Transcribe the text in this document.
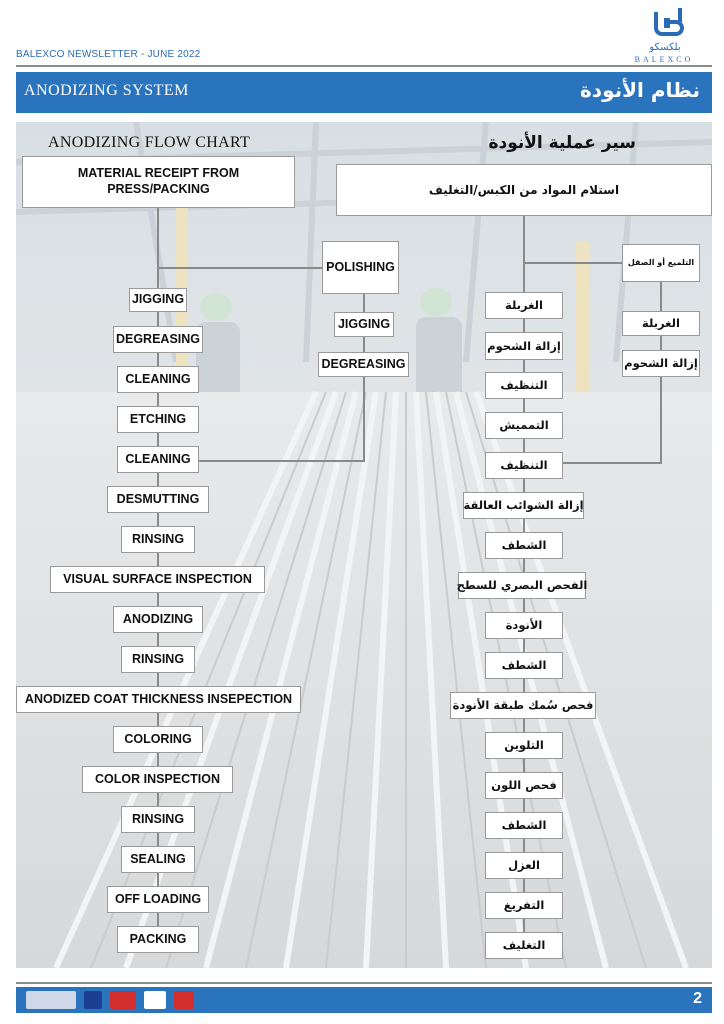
BALEXCO NEWSLETTER - JUNE 2022
بلكسكو
BALEXCO
ANODIZING SYSTEM	نظام الأنودة
ANODIZING FLOW CHART	سير عملية الأنودة
MATERIAL RECEIPT FROM PRESS/PACKING
POLISHING
JIGGING
DEGREASING
JIGGING
DEGREASING
CLEANING
ETCHING
CLEANING
DESMUTTING
RINSING
VISUAL SURFACE INSPECTION
ANODIZING
RINSING
ANODIZED COAT THICKNESS INSEPECTION
COLORING
COLOR INSPECTION
RINSING
SEALING
OFF LOADING
PACKING
استلام المواد من الكبس/التغليف
التلميع أو الصقل
الغربلة
إزالة الشحوم
الغربلة
إزالة الشحوم
التنظيف
التمميش
التنظيف
إزالة الشوائب العالقة
الشطف
الفحص البصري للسطح
الأنودة
الشطف
فحص سُمك طبقة الأنودة
التلوين
فحص اللون
الشطف
العزل
التفريغ
التغليف
2
